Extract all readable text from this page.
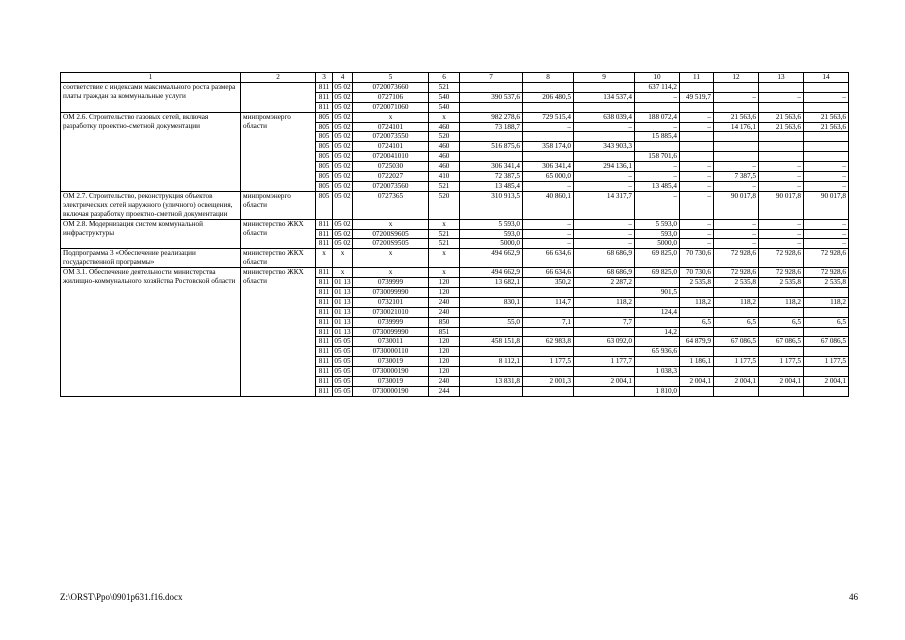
1	2	3	4	5	6	7	8	9	10	11	12	13	14
соответствие с индексами максимального роста размера платы граждан за коммунальные услуги		811	05 02	0720073660	521				637 114,2				
		811	05 02	0727106	540	390 537,6	206 480,5	134 537,4	–	49 519,7	–	–	–
		811	05 02	0720071060	540								
ОМ 2.6. Строительство газовых сетей, включая разработку проектно-сметной документации	минпромэнерго области	805	05 02	х	х	982 278,6	729 515,4	638 039,4	188 072,4	–	21 563,6	21 563,6	21 563,6
		805	05 02	0724101	460	73 188,7	–	–	–	–	14 176,1	21 563,6	21 563,6
		805	05 02	0720073550	520				15 885,4				
		805	05 02	0724101	460	516 875,6	358 174,0	343 903,3					
		805	05 02	0720041010	460				158 701,6				
		805	05 02	0725030	460	306 341,4	306 341,4	294 136,1	–	–	–	–	–
		805	05 02	0722027	410	72 387,5	65 000,0	–	–	–	7 387,5	–	–
		805	05 02	0720073560	521	13 485,4	–	–	13 485,4	–	–	–	–
ОМ 2.7. Строительство, реконструкция объектов электрических сетей наружного (уличного) освещения, включая разработку проектно-сметной документации	минпромэнерго области	805	05 02	0727365	520	310 913,5	40 860,1	14 317,7	–	–	90 017,8	90 017,8	90 017,8
ОМ 2.8. Модернизация систем коммунальной инфраструктуры	министерство ЖКХ области	811	05 02	х	х	5 593,0	–	–	5 593,0	–	–	–	–
		811	05 02	07200S9605	521	593,0	–	–	593,0	–	–	–	–
		811	05 02	07200S9505	521	5000,0	–	–	5000,0	–	–	–	–
Подпрограмма 3 «Обеспечение реализации государственной программы»	министерство ЖКХ области	х	х	х	х	494 662,9	66 634,6	68 686,9	69 825,0	70 730,6	72 928,6	72 928,6	72 928,6
ОМ 3.1. Обеспечение деятельности министерства жилищно-коммунального хозяйства Ростовской области	министерство ЖКХ области	811	х	х	х	494 662,9	66 634,6	68 686,9	69 825,0	70 730,6	72 928,6	72 928,6	72 928,6
		811	01 13	0739999	120	13 682,1	350,2	2 287,2		2 535,8	2 535,8	2 535,8	2 535,8
		811	01 13	0730099990	120				901,5				
		811	01 13	0732101	240	830,1	114,7	118,2		118,2	118,2	118,2	118,2
		811	01 13	0730021010	240				124,4				
		811	01 13	0739999	850	55,0	7,1	7,7		6,5	6,5	6,5	6,5
		811	01 13	0730099990	851				14,2				
		811	05 05	0730011	120	458 151,8	62 983,8	63 092,0		64 879,9	67 086,5	67 086,5	67 086,5
		811	05 05	0730000110	120				65 936,6				
		811	05 05	0730019	120	8 112,1	1 177,5	1 177,7		1 186,1	1 177,5	1 177,5	1 177,5
		811	05 05	0730000190	120				1 038,3				
		811	05 05	0730019	240	13 831,8	2 001,3	2 004,1		2 004,1	2 004,1	2 004,1	2 004,1
		811	05 05	0730000190	244				1 810,0				
Z:\ORST\Ppo\0901p631.f16.docx	46
